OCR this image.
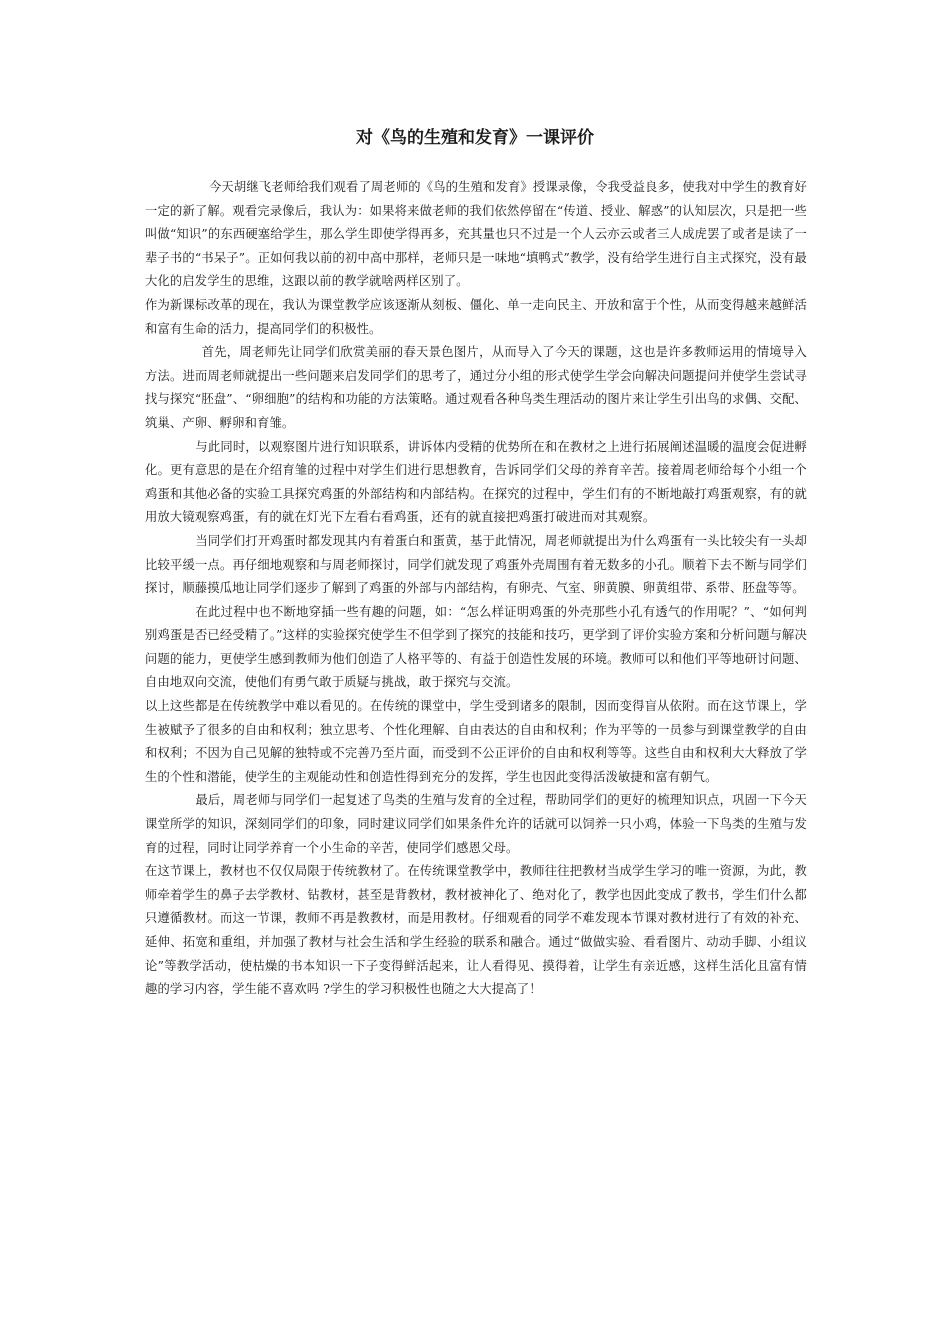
对《鸟的生殖和发育》一课评价

今天胡继飞老师给我们观看了周老师的《鸟的生殖和发育》授课录像，令我受益良多，使我对中学生的教育好一定的新了解。观看完录像后，我认为：如果将来做老师的我们依然停留在“传道、授业、解惑”的认知层次，只是把一些叫做“知识”的东西硬塞给学生，那么学生即使学得再多，充其量也只不过是一个人云亦云或者三人成虎罢了或者是读了一辈子书的“书呆子”。正如何我以前的初中高中那样，老师只是一味地“填鸭式”教学，没有给学生进行自主式探究，没有最大化的启发学生的思维，这跟以前的教学就啥两样区别了。

作为新课标改革的现在，我认为课堂教学应该逐渐从刻板、僵化、单一走向民主、开放和富于个性，从而变得越来越鲜活和富有生命的活力，提高同学们的积极性。

首先，周老师先让同学们欣赏美丽的春天景色图片，从而导入了今天的课题，这也是许多教师运用的情境导入方法。进而周老师就提出一些问题来启发同学们的思考了，通过分小组的形式使学生学会向解决问题提问并使学生尝试寻找与探究“胚盘”、“卵细胞”的结构和功能的方法策略。通过观看各种鸟类生理活动的图片来让学生引出鸟的求偶、交配、筑巢、产卵、孵卵和育雏。

与此同时，以观察图片进行知识联系，讲诉体内受精的优势所在和在教材之上进行拓展阐述温暖的温度会促进孵化。更有意思的是在介绍育雏的过程中对学生们进行思想教育，告诉同学们父母的养育辛苦。接着周老师给每个小组一个鸡蛋和其他必备的实验工具探究鸡蛋的外部结构和内部结构。在探究的过程中，学生们有的不断地敲打鸡蛋观察，有的就用放大镜观察鸡蛋，有的就在灯光下左看右看鸡蛋，还有的就直接把鸡蛋打破进而对其观察。

当同学们打开鸡蛋时都发现其内有着蛋白和蛋黄，基于此情况，周老师就提出为什么鸡蛋有一头比较尖有一头却比较平缓一点。再仔细地观察和与周老师探讨，同学们就发现了鸡蛋外壳周围有着无数多的小孔。顺着下去不断与同学们探讨，顺藤摸瓜地让同学们逐步了解到了鸡蛋的外部与内部结构，有卵壳、气室、卵黄膜、卵黄组带、系带、胚盘等等。

在此过程中也不断地穿插一些有趣的问题，如：“怎么样证明鸡蛋的外壳那些小孔有透气的作用呢？”、“如何判别鸡蛋是否已经受精了。”这样的实验探究使学生不但学到了探究的技能和技巧，更学到了评价实验方案和分析问题与解决问题的能力，更使学生感到教师为他们创造了人格平等的、有益于创造性发展的环境。教师可以和他们平等地研讨问题、自由地双向交流，使他们有勇气敢于质疑与挑战，敢于探究与交流。

以上这些都是在传统教学中难以看见的。在传统的课堂中，学生受到诸多的限制，因而变得盲从依附。而在这节课上，学生被赋予了很多的自由和权利；独立思考、个性化理解、自由表达的自由和权利；作为平等的一员参与到课堂教学的自由和权利；不因为自己见解的独特或不完善乃至片面，而受到不公正评价的自由和权利等等。这些自由和权利大大释放了学生的个性和潜能，使学生的主观能动性和创造性得到充分的发挥，学生也因此变得活泼敏捷和富有朝气。

最后，周老师与同学们一起复述了鸟类的生殖与发育的全过程，帮助同学们的更好的梳理知识点，巩固一下今天课堂所学的知识，深刻同学们的印象，同时建议同学们如果条件允许的话就可以饲养一只小鸡，体验一下鸟类的生殖与发育的过程，同时让同学养育一个小生命的辛苦，使同学们感恩父母。

在这节课上，教材也不仅仅局限于传统教材了。在传统课堂教学中，教师往往把教材当成学生学习的唯一资源，为此，教师牵着学生的鼻子去学教材、钻教材，甚至是背教材，教材被神化了、绝对化了，教学也因此变成了教书，学生们什么都只遵循教材。而这一节课，教师不再是教教材，而是用教材。仔细观看的同学不难发现本节课对教材进行了有效的补充、延伸、拓宽和重组，并加强了教材与社会生活和学生经验的联系和融合。通过“做做实验、看看图片、动动手脚、小组议论”等教学活动，使枯燥的书本知识一下子变得鲜活起来，让人看得见、摸得着，让学生有亲近感，这样生活化且富有情趣的学习内容，学生能不喜欢吗 ?学生的学习积极性也随之大大提高了！
